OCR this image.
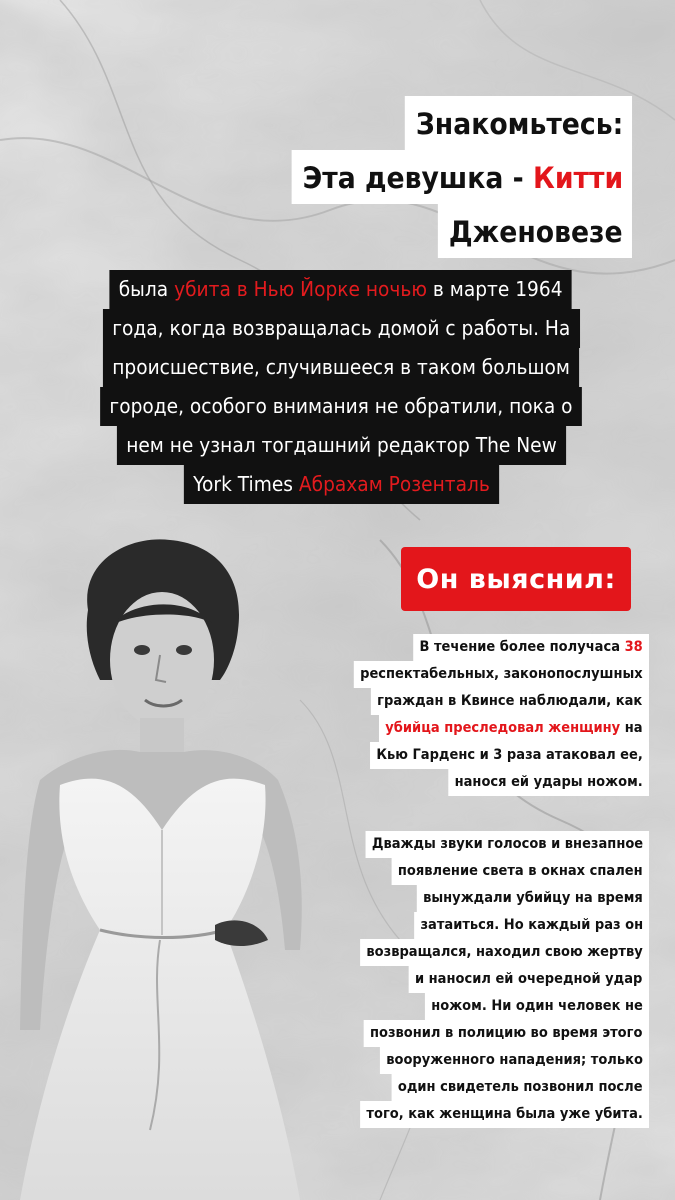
Знакомьтесь:
Эта девушка - Китти
Дженовезе
была убита в Нью Йорке ночью в марте 1964
года, когда возвращалась домой с работы. На
происшествие, случившееся в таком большом
городе, особого внимания не обратили, пока о
нем не узнал тогдашний редактор The New
York Times Абрахам Розенталь
Он выяснил:
В течение более получаса 38
респектабельных, законопослушных
граждан в Квинсе наблюдали, как
убийца преследовал женщину на
Кью Гарденс и 3 раза атаковал ее,
нанося ей удары ножом.
Дважды звуки голосов и внезапное
появление света в окнах спален
вынуждали убийцу на время
затаиться. Но каждый раз он
возвращался, находил свою жертву
и наносил ей очередной удар
ножом. Ни один человек не
позвонил в полицию во время этого
вооруженного нападения; только
один свидетель позвонил после
того, как женщина была уже убита.
